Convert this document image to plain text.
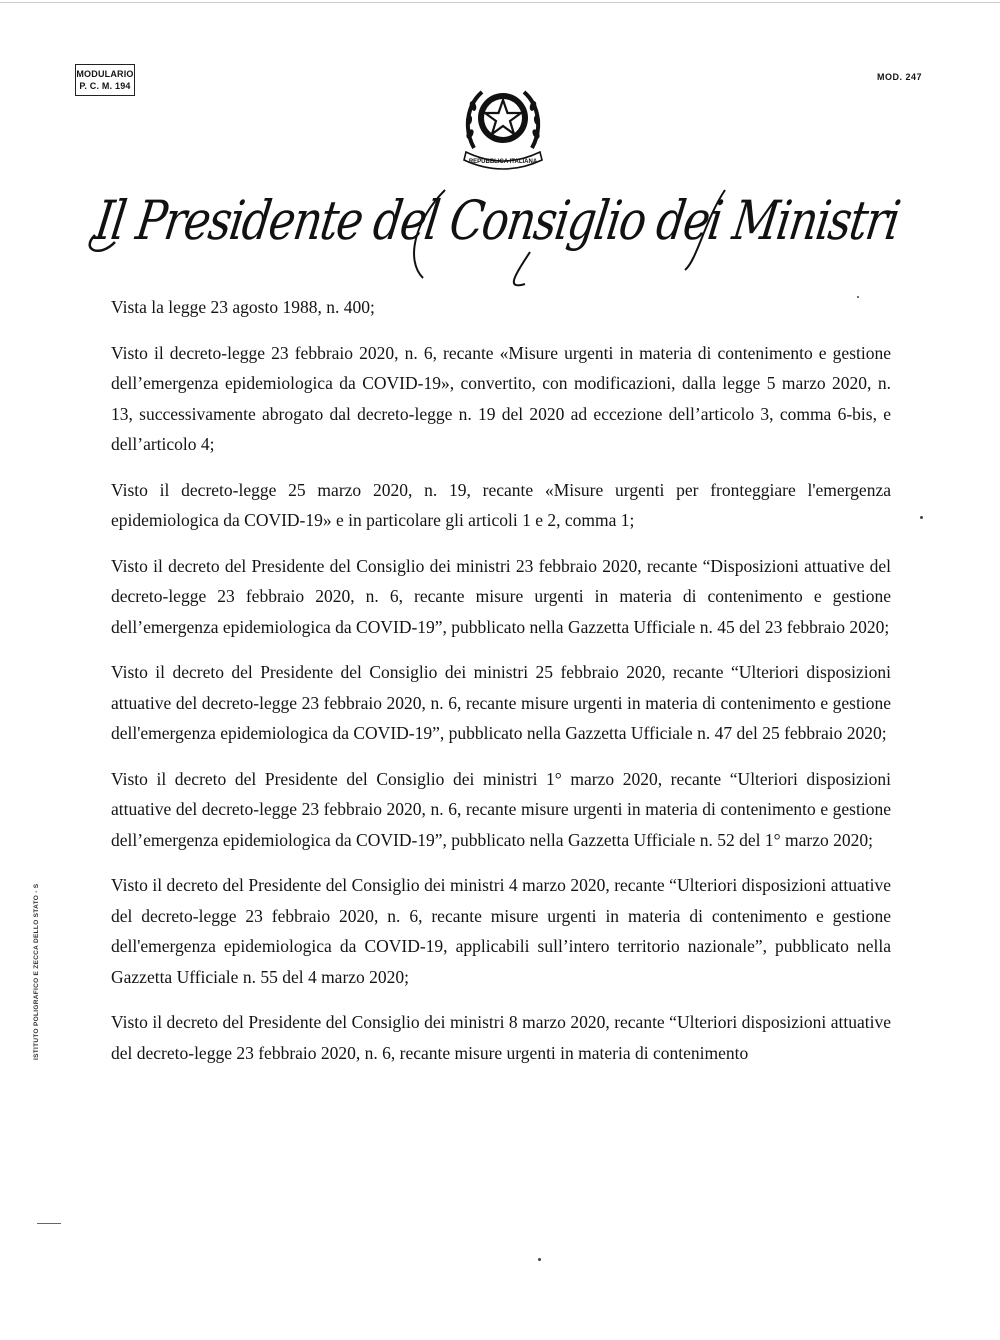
MODULARIO
P. C. M. 194
MOD. 247
REPUBBLICA ITALIANA
Il Presidente del Consiglio dei Ministri

Vista la legge 23 agosto 1988, n. 400;

Visto il decreto-legge 23 febbraio 2020, n. 6, recante «Misure urgenti in materia di contenimento e gestione dell’emergenza epidemiologica da COVID-19», convertito, con modificazioni, dalla legge 5 marzo 2020, n. 13, successivamente abrogato dal decreto-legge n. 19 del 2020 ad eccezione dell’articolo 3, comma 6-bis, e dell’articolo 4;

Visto il decreto-legge 25 marzo 2020, n. 19, recante «Misure urgenti per fronteggiare l'emergenza epidemiologica da COVID-19» e in particolare gli articoli 1 e 2, comma 1;

Visto il decreto del Presidente del Consiglio dei ministri 23 febbraio 2020, recante “Disposizioni attuative del decreto-legge 23 febbraio 2020, n. 6, recante misure urgenti in materia di contenimento e gestione dell’emergenza epidemiologica da COVID-19”, pubblicato nella Gazzetta Ufficiale n. 45 del 23 febbraio 2020;

Visto il decreto del Presidente del Consiglio dei ministri 25 febbraio 2020, recante “Ulteriori disposizioni attuative del decreto-legge 23 febbraio 2020, n. 6, recante misure urgenti in materia di contenimento e gestione dell'emergenza epidemiologica da COVID-19”, pubblicato nella Gazzetta Ufficiale n. 47 del 25 febbraio 2020;

Visto il decreto del Presidente del Consiglio dei ministri 1° marzo 2020, recante “Ulteriori disposizioni attuative del decreto-legge 23 febbraio 2020, n. 6, recante misure urgenti in materia di contenimento e gestione dell’emergenza epidemiologica da COVID-19”, pubblicato nella Gazzetta Ufficiale n. 52 del 1° marzo 2020;

Visto il decreto del Presidente del Consiglio dei ministri 4 marzo 2020, recante “Ulteriori disposizioni attuative del decreto-legge 23 febbraio 2020, n. 6, recante misure urgenti in materia di contenimento e gestione dell'emergenza epidemiologica da COVID-19, applicabili sull’intero territorio nazionale”, pubblicato nella Gazzetta Ufficiale n. 55 del 4 marzo 2020;

Visto il decreto del Presidente del Consiglio dei ministri 8 marzo 2020, recante “Ulteriori disposizioni attuative del decreto-legge 23 febbraio 2020, n. 6, recante misure urgenti in materia di contenimento

ISTITUTO POLIGRAFICO E ZECCA DELLO STATO - S
